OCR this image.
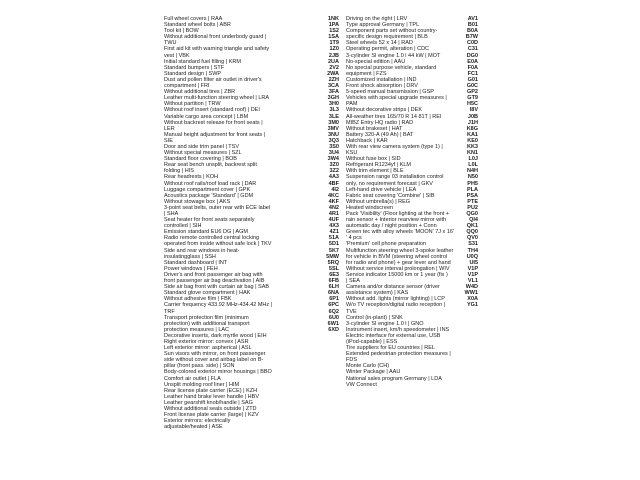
Full wheel covers | RAA
Standard wheel bolts | ABR
Tool kit | BOW
Without additional front underbody guard |
TWU
First aid kit with warning triangle and safety
vest | VBK
Initial standard fuel filling | KRM
Standard bumpers | STF
Standard design | SWP
Dust and pollen filter air outlet in driver's
compartment | FRI
Without additional tires | ZBR
Leather multi-function steering wheel | LRA
Without partition | TRW
Without roof insert (standard roof) | DEI
Variable cargo area concept | LBM
Without backrest release for front seats |
LER
Manual height adjustment for front seats |
SIE
Door and side trim panel | TSV
Without special measures | SZL
Standard floor covering | BOB
Rear seat bench unsplit, backrest split
folding | HIS
Rear headrests | KOH
Without roof rails/roof load rack | DAR
Luggage compartment cover | GPK
Acoustics package 'Standard' | GDM
Without stowage box | AKS
3-point seat belts, outer rear with ECE label
| SHA
Seat heater for front seats separately
controlled | SIH
Emission standard EU6 DG | AGM
Radio remote controlled central locking
operated from inside without safe lock | TKV
Side and rear windows in heat-
insulatingglass | SSH
Standard dashboard | INT
Power windows | FEH
Driver's and front passenger air bag with
front passenger air bag deactivation | AIB
Side air bag front with curtain air bag | SAB
Standard glove compartment | HAK
Without adhesive film | FBK
Carrier frequency 433.92 MHz-434.42 MHz |
TRF
Transport protection film (minimum
protection) with additional transport
protection measures | LAC
Decorative inserts, dark myrtle wood | EIH
Right exterior mirror: convex | ASR
Left exterior mirror: aspherical | ASL
Sun visors with mirror, on front passenger
side without cover and airbag label on B-
pillar (front pass. side) | SON
Body-colored exterior mirror housings | BBO
Comfort air outlet | FLA
Unsplit molding roof liner | HIM
Rear license plate carrier (ECE) | KZH
Leather hand brake lever handle | HBV
Leather gearshift knob/handle | SAG
Without additional seals outside | ZTD
Front license plate carrier (large) | KZV
Exterior mirrors: electrically
adjustable/heated | ASE
1NK
1PA
1S2
1SA
1T9
1Z0
2JB
2UA
2V2
2WA
2ZH
3CA
3FA
3GH
3H0
3L3
3LE
3M0
3MV
3NU
3Q3
3S0
3U4
3W4
3Z0
3Z2
4A3
4BF
4I2
4KC
4KF
4N2
4R1
4UF
4X3
4Z1
51A
5D1
5K7
5MW
5RQ
5SL
6E3
6FB
6LH
6NA
6P1
6PC
6Q2
6U0
6W1
6XD
Driving on the right | LRV
Type approval Germany | TPL
Component parts set without country-
specific design requirement | BLB
Steel wheels 52 x 14 | RAD
Operating permit, alteration | CDC
3-cylinder SI engine 1.0 l 44 kW | MOT
No-special edition | AAU
No special purpose vehicle, standard
equipment | FZS
Customized installation | IND
Front shock absorption | DRV
5-speed manual transmission | GSP
Vehicles with special upgrade measures |
PAM
Without decorative strips | DEK
All-weather tires 165/70 R 14 81T | REI
MIBZ Entry HQ radio | RAD
Without brakeset | HAT
Battery 320-A (49 Ah) | BAT
Hatchback | KAR
With rear view camera system (type 1) |
KSU
Without fuse box | SID
Refrigerant R1234yf | KLM
With trim element | BLE
Suspension range 03 installation control
only, no requirement forecast | GKV
Left-hand drive vehicle | LEA
Fabric seat covering 'Combine' | SIB
Without umbrella(s) | REG
Heated windscreen
Pack 'Visibility' (Floor lighting at the front +
rain sensor + Interior rearview mirror with
automatic day / night position + Conn
Green tec with alloy wheels 'MOON' 7J x 16'
' 4 pcs
'Premium' cell phone preparation
Multifunction steering wheel 3-spoke leather
for vehicle in BVM (steering wheel control
for radio and phone) + gear lever and hand
Without service interval prolongation | WIV
Service indicator 15000 km or 1 year (fix )
| SEA
Camera and/or distance sensor (driver
assistance system) | KAS
Without add. lights (mirror lighting) | LCP
W/o TV reception/digital radio reception |
TVE
Control (in-plant) | SNK
3-cylinder SI engine 1.0 l | GNO
Instrument insert, km/h speedometer | INS
Electric interface for external use, USB
(iPod-capable) | ESS
Tire suppliers for EU countries | REL
Extended pedestrian protection measures |
FDS
Monte Carlo (CH)
Winter Package | AAU
National sales program Germany | LDA
VW Connect
AV1
B01
B0A
B7W
C0D
C31
DG0
E0A
F0A
FC1
G01
G0C
GP2
GT9
H5C
I8V
J0B
J1H
K8G
KA1
KE0
KK3
KN1
L0J
L0L
N4H
N50
PH5
PLA
PSA
PTE
PU2
QG0
QI4
QK1
QQ0
QV0
S31
TH4
U0Q
UI5
V1P
V1P
VL1
W4D
WW1
X0A
YG1
